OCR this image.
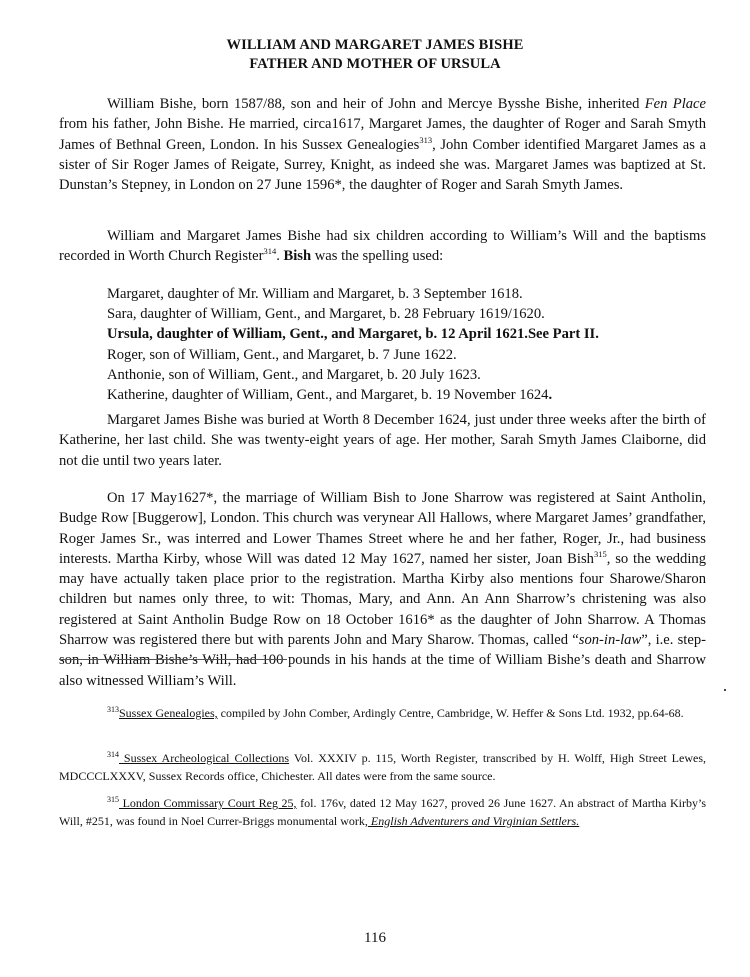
WILLIAM AND MARGARET JAMES BISHE
FATHER AND MOTHER OF URSULA

William Bishe, born 1587/88, son and heir of John and Mercye Bysshe Bishe, inherited Fen Place from his father, John Bishe. He married, circa1617, Margaret James, the daughter of Roger and Sarah Smyth James of Bethnal Green, London. In his Sussex Genealogies$^{313}$, John Comber identified Margaret James as a sister of Sir Roger James of Reigate, Surrey, Knight, as indeed she was. Margaret James was baptized at St. Dunstan’s Stepney, in London on 27 June 1596*, the daughter of Roger and Sarah Smyth James.

William and Margaret James Bishe had six children according to William’s Will and the baptisms recorded in Worth Church Register$^{314}$. Bish was the spelling used:

Margaret, daughter of Mr. William and Margaret, b. 3 September 1618.
Sara, daughter of William, Gent., and Margaret, b. 28 February 1619/1620.
Ursula, daughter of William, Gent., and Margaret, b. 12 April 1621.See Part II.
Roger, son of William, Gent., and Margaret, b. 7 June 1622.
Anthonie, son of William, Gent., and Margaret, b. 20 July 1623.
Katherine, daughter of William, Gent., and Margaret, b. 19 November 1624.

Margaret James Bishe was buried at Worth 8 December 1624, just under three weeks after the birth of Katherine, her last child. She was twenty-eight years of age. Her mother, Sarah Smyth James Claiborne, did not die until two years later.

On 17 May1627*, the marriage of William Bish to Jone Sharrow was registered at Saint Antholin, Budge Row [Buggerow], London. This church was verynear All Hallows, where Margaret James’ grandfather, Roger James Sr., was interred and Lower Thames Street where he and her father, Roger, Jr., had business interests. Martha Kirby, whose Will was dated 12 May 1627, named her sister, Joan Bish$^{315}$, so the wedding may have actually taken place prior to the registration. Martha Kirby also mentions four Sharowe/Sharon children but names only three, to wit: Thomas, Mary, and Ann. An Ann Sharrow’s christening was also registered at Saint Antholin Budge Row on 18 October 1616* as the daughter of John Sharrow. A Thomas Sharrow was registered there but with parents John and Mary Sharow. Thomas, called “son-in-law”, i.e. step-son, in William Bishe’s Will, had 100 pounds in his hands at the time of William Bishe’s death and Sharrow also witnessed William’s Will.

$^{313}$Sussex Genealogies, compiled by John Comber, Ardingly Centre, Cambridge, W. Heffer & Sons Ltd. 1932, pp.64-68.

$^{314}$ Sussex Archeological Collections Vol. XXXIV p. 115, Worth Register, transcribed by H. Wolff, High Street Lewes, MDCCCLXXXV, Sussex Records office, Chichester. All dates were from the same source.

$^{315}$ London Commissary Court Reg 25, fol. 176v, dated 12 May 1627, proved 26 June 1627. An abstract of Martha Kirby’s Will, #251, was found in Noel Currer-Briggs monumental work, English Adventurers and Virginian Settlers.

116
